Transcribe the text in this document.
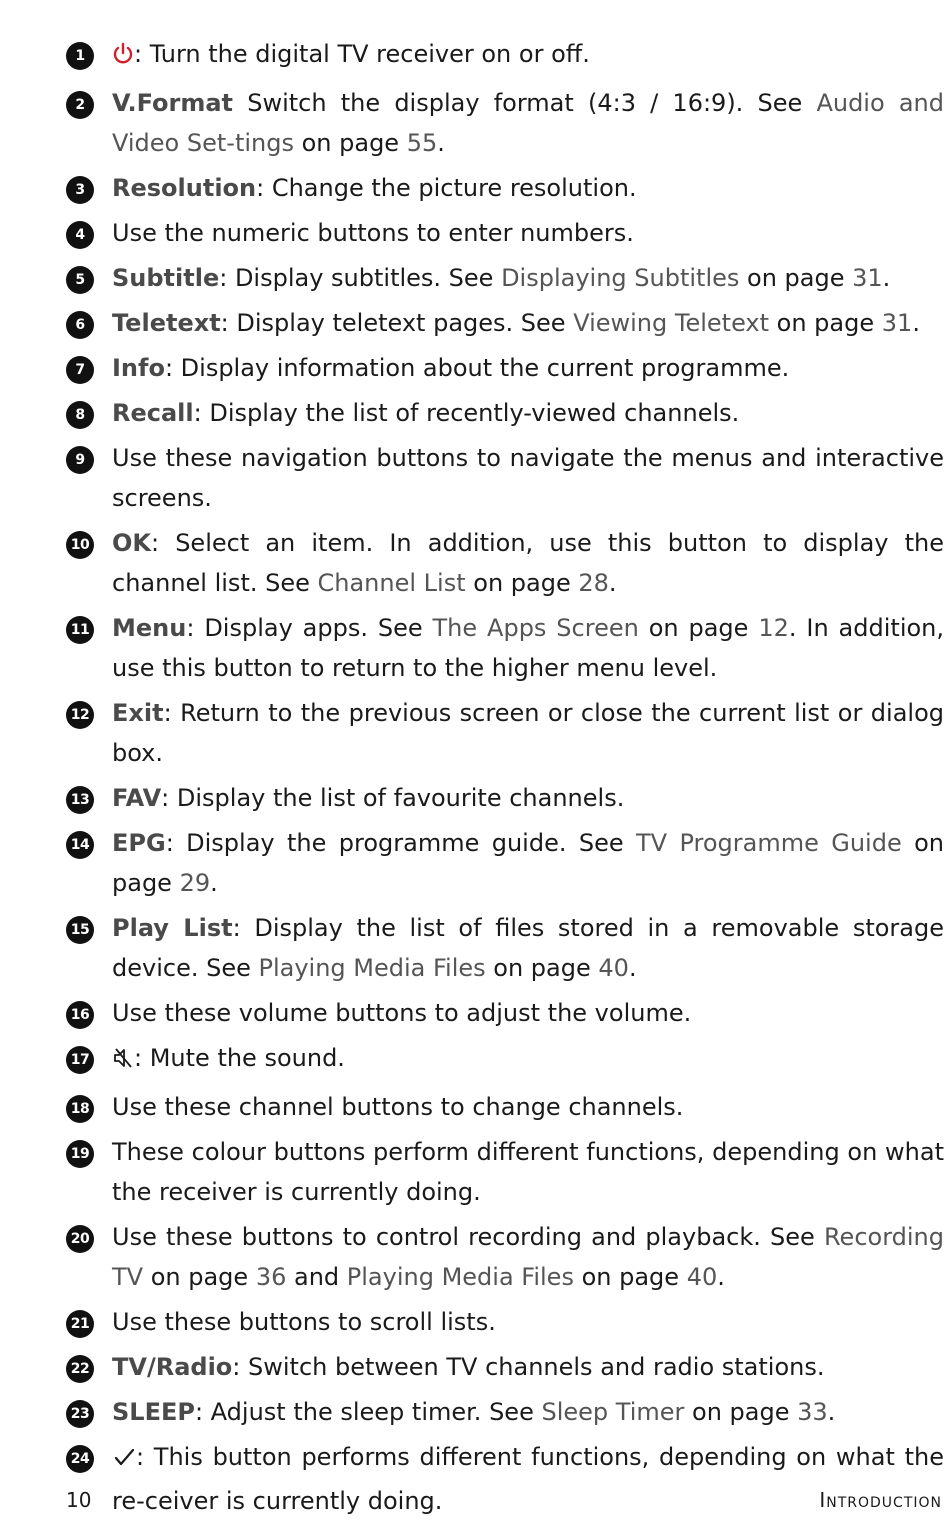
1	: Turn the digital TV receiver on or off.
2	V.Format Switch the display format (4:3 / 16:9). See Audio and Video Set-tings on page 55.
3	Resolution: Change the picture resolution.
4	Use the numeric buttons to enter numbers.
5	Subtitle: Display subtitles. See Displaying Subtitles on page 31.
6	Teletext: Display teletext pages. See Viewing Teletext on page 31.
7	Info: Display information about the current programme.
8	Recall: Display the list of recently-viewed channels.
9	Use these navigation buttons to navigate the menus and interactive screens.
10 OK: Select an item. In addition, use this button to display the channel list. See Channel List on page 28.
11 Menu: Display apps. See The Apps Screen on page 12. In addition, use this button to return to the higher menu level.
12 Exit: Return to the previous screen or close the current list or dialog box.
13 FAV: Display the list of favourite channels.
14 EPG: Display the programme guide. See TV Programme Guide on page 29.
15 Play List: Display the list of files stored in a removable storage device. See Playing Media Files on page 40.
16 Use these volume buttons to adjust the volume.
17 : Mute the sound.
18 Use these channel buttons to change channels.
19 These colour buttons perform different functions, depending on what the receiver is currently doing.
20 Use these buttons to control recording and playback. See Recording TV on page 36 and Playing Media Files on page 40.
21 Use these buttons to scroll lists.
22 TV/Radio: Switch between TV channels and radio stations.
23 SLEEP: Adjust the sleep timer. See Sleep Timer on page 33.
24 : This button performs different functions, depending on what the re-ceiver is currently doing.
10	Introduction
